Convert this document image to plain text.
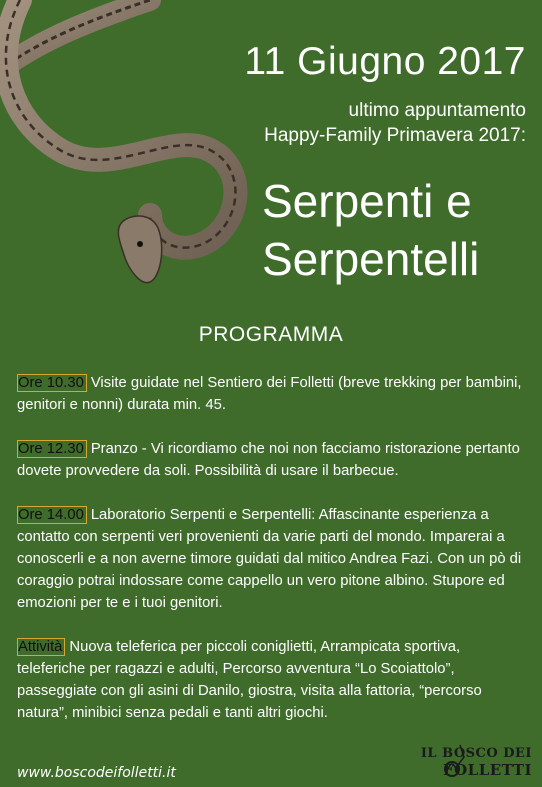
11 Giugno 2017
ultimo appuntamento
Happy-Family Primavera 2017:
Serpenti e
Serpentelli
PROGRAMMA
Ore 10.30 Visite guidate nel Sentiero dei Folletti (breve trekking per bambini, genitori e nonni) durata min. 45.
Ore 12.30 Pranzo - Vi ricordiamo che noi non facciamo ristorazione pertanto dovete provvedere da soli. Possibilità di usare il barbecue.
Ore 14.00 Laboratorio Serpenti e Serpentelli: Affascinante esperienza a contatto con serpenti veri provenienti da varie parti del mondo. Imparerai a conoscerli e a non averne timore guidati dal mitico Andrea Fazi. Con un pò di coraggio potrai indossare come cappello un vero pitone albino. Stupore ed emozioni per te e i tuoi genitori.
Attività Nuova teleferica per piccoli coniglietti, Arrampicata sportiva, teleferiche per ragazzi e adulti, Percorso avventura “Lo Scoiattolo”, passeggiate con gli asini di Danilo, giostra, visita alla fattoria, “percorso natura”, minibici senza pedali e tanti altri giochi.
www.boscodeifolletti.it
IL BOSCO DEI
FOLLETTI
